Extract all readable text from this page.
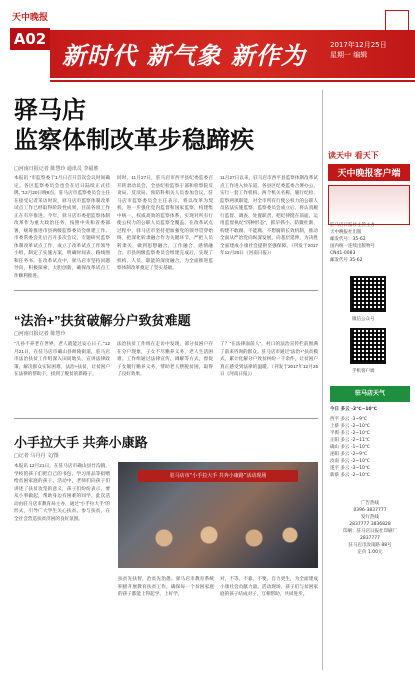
天中晚报
A02
新时代 新气象 新作为	2017年12月25日
星期一 编辑
驿马店
监察体制改革步稳蹄疾
□河南日报记者 陈慧玲 通讯员 李福胜
本报讯 “市监察委于1月日召开首次会议时间确定。各区监察委员会也会在近日陆续正式挂牌。”12月20日晚8点，驻马店市监察委员会主任在接受记者采访时说，驿马店市监察体制改革试点工作已经取得阶段性成果，目前各项工作正在有序推进。今年，驿马店市委把监察体制改革作为重大政治任务，按照中央和省委部署，统筹推进市县两级监察委员会组建工作。市委常委会先后召开多次会议，专题研究监察体制改革试点工作，成立了改革试点工作领导小组，制定了实施方案，明确时间表、路线图和任务书。在改革试点中，驿马店市坚持问题导向，积极探索，大胆创新，确保改革试点工作顺利推进。
同时，11月27日，驻马店市西平县纪委监委召开转隶动员会，全县纪检监察干部和检察院反贪局、反渎局、预防科相关人员参加会议。驻马店市监察委员会主任表示，将以改革为契机，进一步强化党内监督和国家监察，构建集中统一、权威高效的监察体系，实现对所有行使公权力的公职人员监察全覆盖。在改革试点过程中，驿马店市坚持把加强党的领导贯穿始终，把深化转隶融合作为关键环节，严把人员转隶关，做到思想融合、工作融合、感情融合。市县两级监察委员会组建完成后，实现了机构、人员、职能的深度融合，为全面推进监察体制改革奠定了坚实基础。
11月27日以来，驻马店市西平县监察体制改革试点工作进入快车道。各县区纪委监委合署办公，实行一套工作机构、两个机关名称，履行纪检、监察两项职能，对全市所有行使公权力的公职人员依法实施监察。监察委员会成立后，将认真履行监督、调查、处置职责，把纪律挺在前面，运用监督执纪“四种形态”，抓早抓小、防微杜渐，构建不敢腐、不能腐、不想腐的长效机制，推动全面从严治党向纵深发展，向基层延伸，为决胜全面建成小康社会提供坚强保障。（刊发于2017年12月25日《河南日报》）
“法治+”扶贫破解分户致贫难题
□河南日报记者 陈慧玲
“儿孙不养老在世界，老人就能过安心日子。”12月21日，在驻马店市确山县朗陵街道，驻马店市法治扶贫工作组深入田间地头，宣讲法律政策，解决群众实际困难。法治+扶贫，让贫困户在法律的帮助下，找到了脱贫的新路子。
法治扶贫工作组在走访中发现，部分贫困户存在分户现象，子女不尽赡养义务，老人生活困难。工作组通过法律宣传、调解等方式，督促子女履行赡养义务，帮助老人摆脱贫困，取得了良好效果。
了？”在法律面前人”，村口的法治宣传栏前围满了前来咨询的群众。驻马店市通过“法治+”扶贫模式，累计化解分户致贫纠纷一千余件，让贫困户真正感受到法律的温暖。（刊发于2017年12月25日《河南日报》）
小手拉大手 共奔小康路
□记者 马丹丹 文/图
本报讯 12月21日，在驻马店市确山县竹沟镇，学校的孩子们把自己的书包、学习用品等捐赠给贫困家庭的孩子。活动中，老师们向孩子们讲述了扶贫攻坚的意义，孩子们纷纷表示，要从小事做起，帮助身边有困难的同学。此次活动由驻马店市教育局主办，通过“小手拉大手”的形式，引导广大学生关心扶贫、参与扶贫，在全社会营造扶贫济困的良好氛围。
驻马店市“小手拉大手 共奔小康路”活动现场
扶贫先扶智，治贫先治愚。驿马店市教育系统积极开展教育扶贫工作，确保每一个贫困家庭的孩子都能上得起学、上好学。
对，不等、不靠、不要，自力更生，为全面建成小康社会贡献力量。活动现场，孩子们与贫困家庭的孩子结成对子，互相帮助，共同进步。
读天中 看天下
天中晚报客户端
驻马店日报社主管主办
天中晚报社出版
邮发代号：35-62
国内统一连续出版物号
CN41-0083
邮发代号 35-62
微信公众号
手机客户端
驻马店天气
今日 多云 -2℃~10℃
西平 多云 -3~9℃
上蔡 多云 -2~10℃
平舆 多云 -2~10℃
正阳 多云 -2~11℃
确山 多云 -1~10℃
泌阳 多云 -2~9℃
汝南 多云 -2~10℃
遂平 多云 -3~10℃
新蔡 多云 -2~10℃
广告热线
0396-3837777
发行热线
2837777 3836828
印刷：驻马店日报社印刷厂
2837777
驻马店市汝南路 88号
定价 1.00元
